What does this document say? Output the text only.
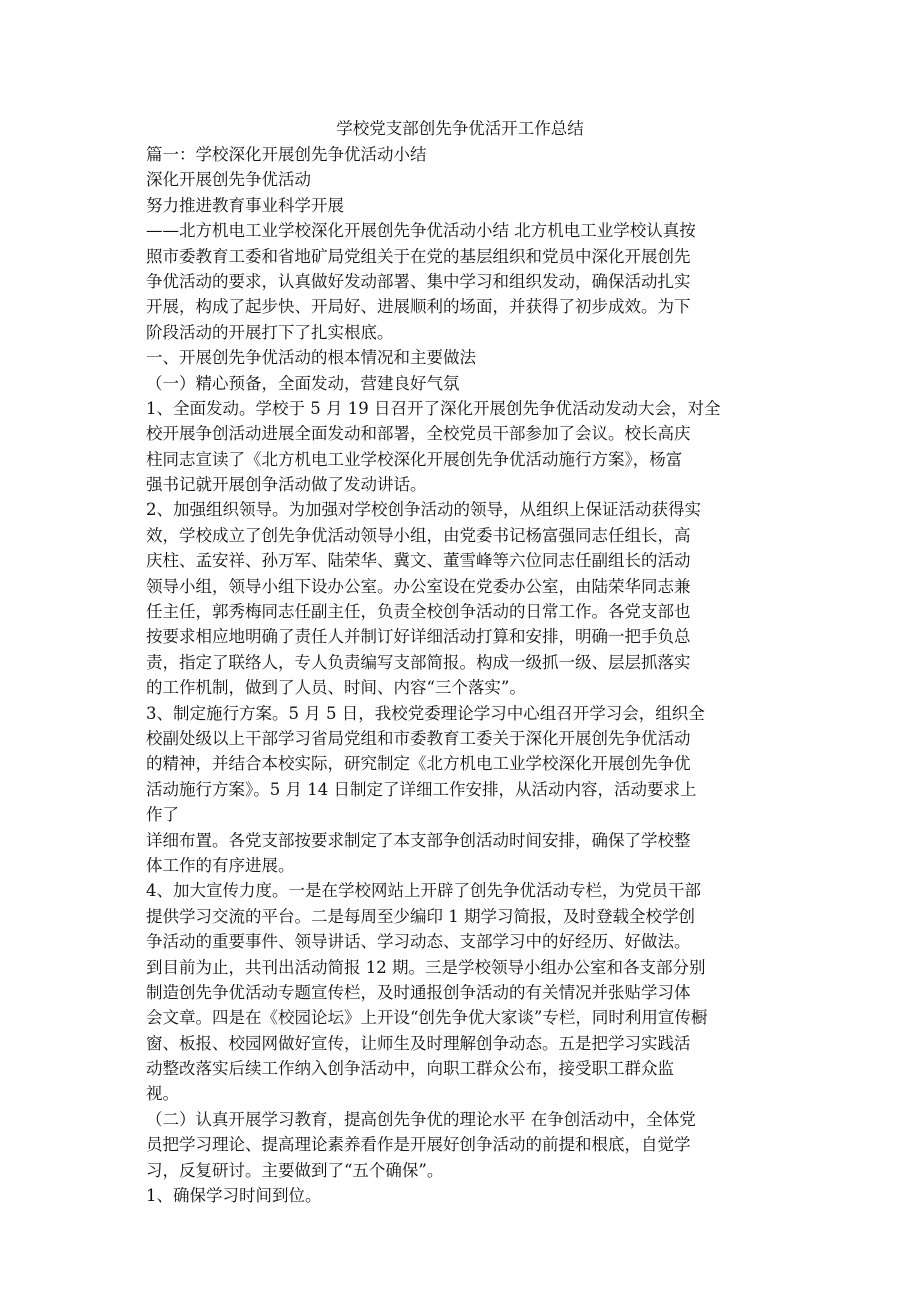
学校党支部创先争优活开工作总结
篇一：学校深化开展创先争优活动小结
深化开展创先争优活动
努力推进教育事业科学开展
——北方机电工业学校深化开展创先争优活动小结 北方机电工业学校认真按
照市委教育工委和省地矿局党组关于在党的基层组织和党员中深化开展创先
争优活动的要求，认真做好发动部署、集中学习和组织发动，确保活动扎实
开展，构成了起步快、开局好、进展顺利的场面，并获得了初步成效。为下
阶段活动的开展打下了扎实根底。
一、开展创先争优活动的根本情况和主要做法
（一）精心预备，全面发动，营建良好气氛
1、全面发动。学校于 5 月 19 日召开了深化开展创先争优活动发动大会，对全
校开展争创活动进展全面发动和部署，全校党员干部参加了会议。校长高庆
柱同志宣读了《北方机电工业学校深化开展创先争优活动施行方案》，杨富
强书记就开展创争活动做了发动讲话。
2、加强组织领导。为加强对学校创争活动的领导，从组织上保证活动获得实
效，学校成立了创先争优活动领导小组，由党委书记杨富强同志任组长，高
庆柱、孟安祥、孙万军、陆荣华、冀文、董雪峰等六位同志任副组长的活动
领导小组，领导小组下设办公室。办公室设在党委办公室，由陆荣华同志兼
任主任，郭秀梅同志任副主任，负责全校创争活动的日常工作。各党支部也
按要求相应地明确了责任人并制订好详细活动打算和安排，明确一把手负总
责，指定了联络人，专人负责编写支部简报。构成一级抓一级、层层抓落实
的工作机制，做到了人员、时间、内容“三个落实”。
3、制定施行方案。5 月 5 日，我校党委理论学习中心组召开学习会，组织全
校副处级以上干部学习省局党组和市委教育工委关于深化开展创先争优活动
的精神，并结合本校实际，研究制定《北方机电工业学校深化开展创先争优
活动施行方案》。5 月 14 日制定了详细工作安排，从活动内容，活动要求上
作了
详细布置。各党支部按要求制定了本支部争创活动时间安排，确保了学校整
体工作的有序进展。
4、加大宣传力度。一是在学校网站上开辟了创先争优活动专栏，为党员干部
提供学习交流的平台。二是每周至少编印 1 期学习简报，及时登载全校学创
争活动的重要事件、领导讲话、学习动态、支部学习中的好经历、好做法。
到目前为止，共刊出活动简报 12 期。三是学校领导小组办公室和各支部分别
制造创先争优活动专题宣传栏，及时通报创争活动的有关情况并张贴学习体
会文章。四是在《校园论坛》上开设“创先争优大家谈”专栏，同时利用宣传橱
窗、板报、校园网做好宣传，让师生及时理解创争动态。五是把学习实践活
动整改落实后续工作纳入创争活动中，向职工群众公布，接受职工群众监
视。
（二）认真开展学习教育，提高创先争优的理论水平 在争创活动中，全体党
员把学习理论、提高理论素养看作是开展好创争活动的前提和根底，自觉学
习，反复研讨。主要做到了“五个确保”。
1、确保学习时间到位。
